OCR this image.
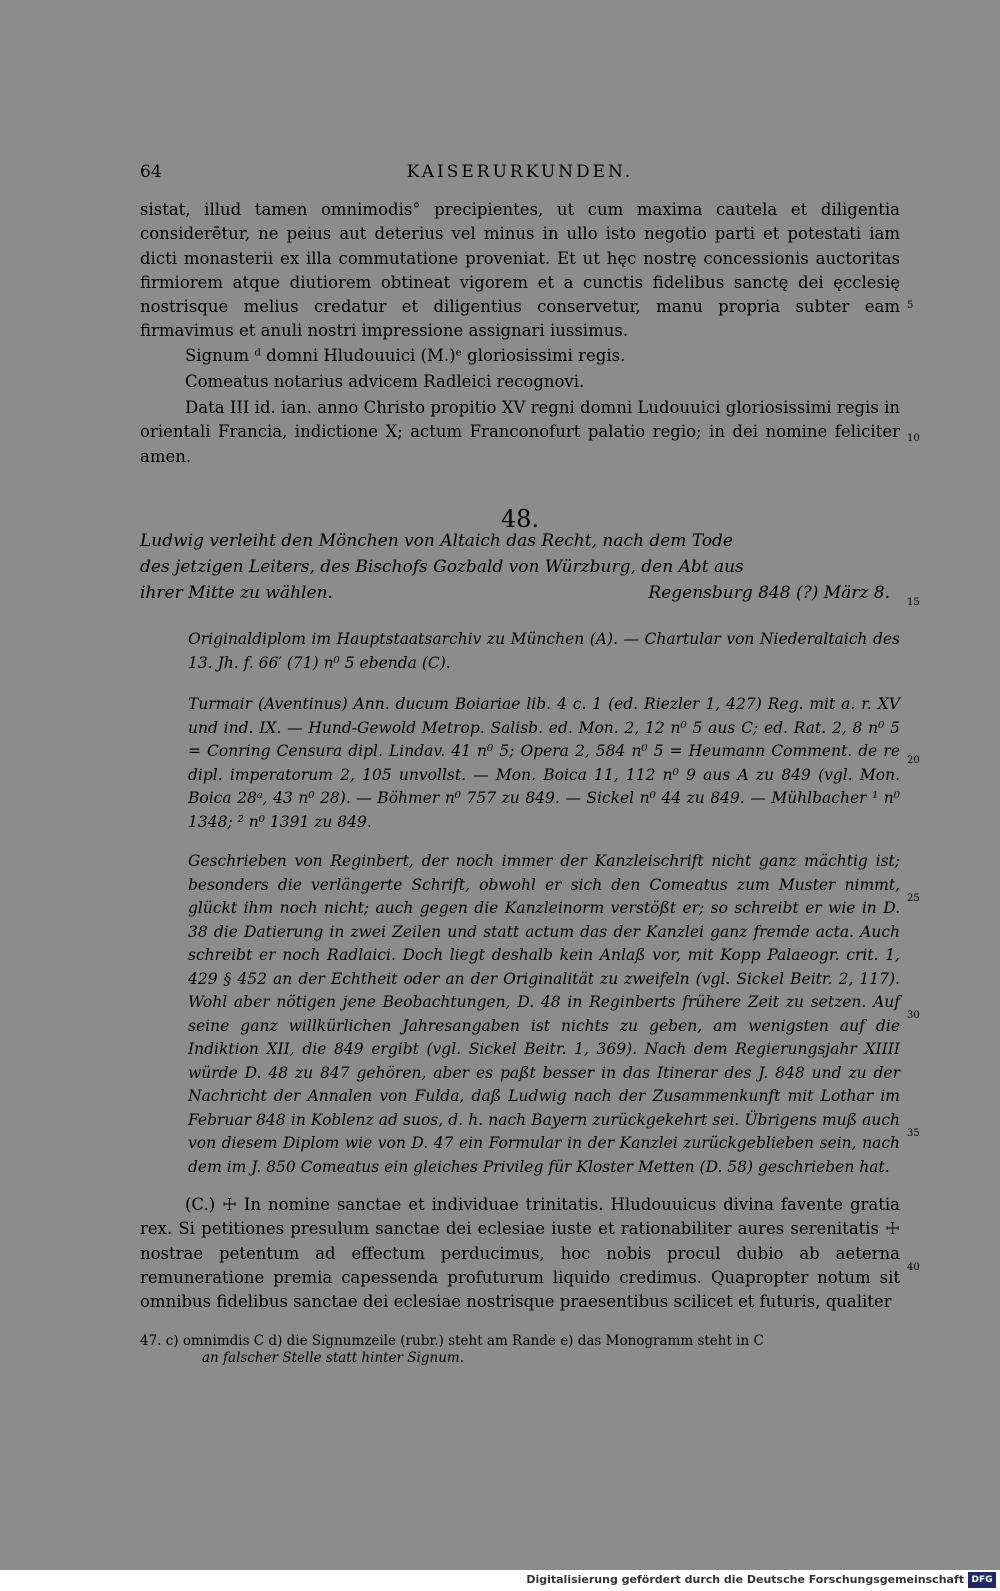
64	KAISERURKUNDEN.
sistat, illud tamen omnimodis° precipientes, ut cum maxima cautela et diligentia considerētur, ne peius aut deterius vel minus in ullo isto negotio parti et potestati iam dicti monasterii ex illa commutatione proveniat. Et ut hęc nostrę concessionis auctoritas firmiorem atque diutiorem obtineat vigorem et a cunctis fidelibus sanctę dei ęcclesię nostrisque melius credatur et diligentius conservetur, manu propria subter eam firmavimus et anuli nostri impressione assignari iussimus.
Signum ᵈ domni Hludouuici (M.)ᵉ gloriosissimi regis.
Comeatus notarius advicem Radleici recognovi.
Data III id. ian. anno Christo propitio XV regni domni Ludouuici gloriosissimi regis in orientali Francia, indictione X; actum Franconofurt palatio regio; in dei nomine feliciter amen.
48.
Ludwig verleiht den Mönchen von Altaich das Recht, nach dem Tode des jetzigen Leiters, des Bischofs Gozbald von Würzburg, den Abt aus ihrer Mitte zu wählen.	Regensburg 848 (?) März 8.
Originaldiplom im Hauptstaatsarchiv zu München (A). — Chartular von Niederaltaich des 13. Jh. f. 66′ (71) n⁰ 5 ebenda (C).
Turmair (Aventinus) Ann. ducum Boiariae lib. 4 c. 1 (ed. Riezler 1, 427) Reg. mit a. r. XV und ind. IX. — Hund-Gewold Metrop. Salisb. ed. Mon. 2, 12 n⁰ 5 aus C; ed. Rat. 2, 8 n⁰ 5 = Conring Censura dipl. Lindav. 41 n⁰ 5; Opera 2, 584 n⁰ 5 = Heumann Comment. de re dipl. imperatorum 2, 105 unvollst. — Mon. Boica 11, 112 n⁰ 9 aus A zu 849 (vgl. Mon. Boica 28ᵃ, 43 n⁰ 28). — Böhmer n⁰ 757 zu 849. — Sickel n⁰ 44 zu 849. — Mühlbacher ¹ n⁰ 1348; ² n⁰ 1391 zu 849.
Geschrieben von Reginbert, der noch immer der Kanzleischrift nicht ganz mächtig ist; besonders die verlängerte Schrift, obwohl er sich den Comeatus zum Muster nimmt, glückt ihm noch nicht; auch gegen die Kanzleinorm verstößt er; so schreibt er wie in D. 38 die Datierung in zwei Zeilen und statt actum das der Kanzlei ganz fremde acta. Auch schreibt er noch Radlaici. Doch liegt deshalb kein Anlaß vor, mit Kopp Palaeogr. crit. 1, 429 § 452 an der Echtheit oder an der Originalität zu zweifeln (vgl. Sickel Beitr. 2, 117). Wohl aber nötigen jene Beobachtungen, D. 48 in Reginberts frühere Zeit zu setzen. Auf seine ganz willkürlichen Jahresangaben ist nichts zu geben, am wenigsten auf die Indiktion XII, die 849 ergibt (vgl. Sickel Beitr. 1, 369). Nach dem Regierungsjahr XIIII würde D. 48 zu 847 gehören, aber es paßt besser in das Itinerar des J. 848 und zu der Nachricht der Annalen von Fulda, daß Ludwig nach der Zusammenkunft mit Lothar im Februar 848 in Koblenz ad suos, d. h. nach Bayern zurückgekehrt sei. Übrigens muß auch von diesem Diplom wie von D. 47 ein Formular in der Kanzlei zurückgeblieben sein, nach dem im J. 850 Comeatus ein gleiches Privileg für Kloster Metten (D. 58) geschrieben hat.
(C.) ☩ In nomine sanctae et individuae trinitatis. Hludouuicus divina favente gratia rex. Si petitiones presulum sanctae dei eclesiae iuste et rationabiliter aures serenitatis ☩ nostrae petentum ad effectum perducimus, hoc nobis procul dubio ab aeterna remuneratione premia capessenda profuturum liquido credimus. Quapropter notum sit omnibus fidelibus sanctae dei eclesiae nostrisque praesentibus scilicet et futuris, qualiter
47. c) omnimdis C d) die Signumzeile (rubr.) steht am Rande e) das Monogramm steht in C
an falscher Stelle statt hinter Signum.
5
10
15
20
25
30
35
40
Digitalisierung gefördert durch die Deutsche Forschungsgemeinschaft DFG
